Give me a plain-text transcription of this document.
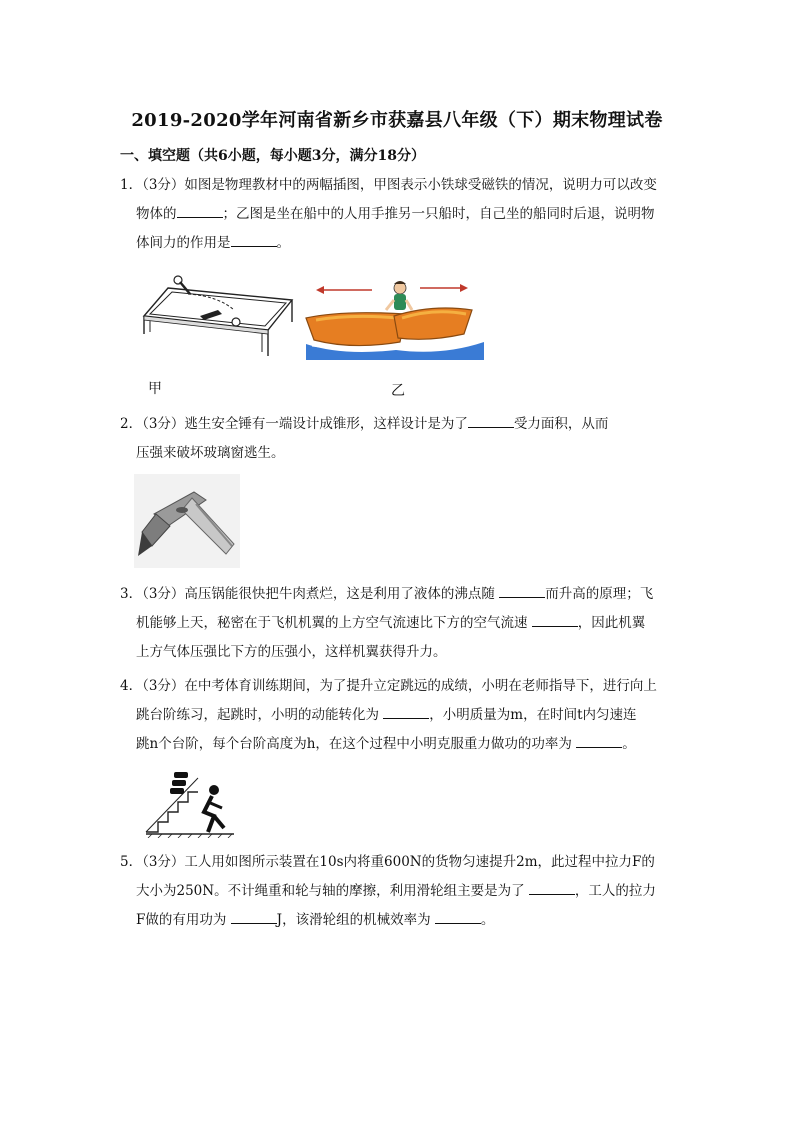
2019-2020学年河南省新乡市获嘉县八年级（下）期末物理试卷
一、填空题（共6小题，每小题3分，满分18分）
1．（3分）如图是物理教材中的两幅插图，甲图表示小铁球受磁铁的情况，说明力可以改变
物体的	；乙图是坐在船中的人用手推另一只船时，自己坐的船同时后退，说明物
体间力的作用是	。
甲	乙
2．（3分）逃生安全锤有一端设计成锥形，这样设计是为了	受力面积，从而
压强来破坏玻璃窗逃生。
3．（3分）高压锅能很快把牛肉煮烂，这是利用了液体的沸点随	而升高的原理；飞
机能够上天，秘密在于飞机机翼的上方空气流速比下方的空气流速	，因此机翼
上方气体压强比下方的压强小，这样机翼获得升力。
4．（3分）在中考体育训练期间，为了提升立定跳远的成绩，小明在老师指导下，进行向上
跳台阶练习，起跳时，小明的动能转化为	，小明质量为m，在时间t内匀速连
跳n个台阶，每个台阶高度为h，在这个过程中小明克服重力做功的功率为	。
5．（3分）工人用如图所示装置在10s内将重600N的货物匀速提升2m，此过程中拉力F的
大小为250N。不计绳重和轮与轴的摩擦，利用滑轮组主要是为了	，工人的拉力
F做的有用功为	J，该滑轮组的机械效率为	。
